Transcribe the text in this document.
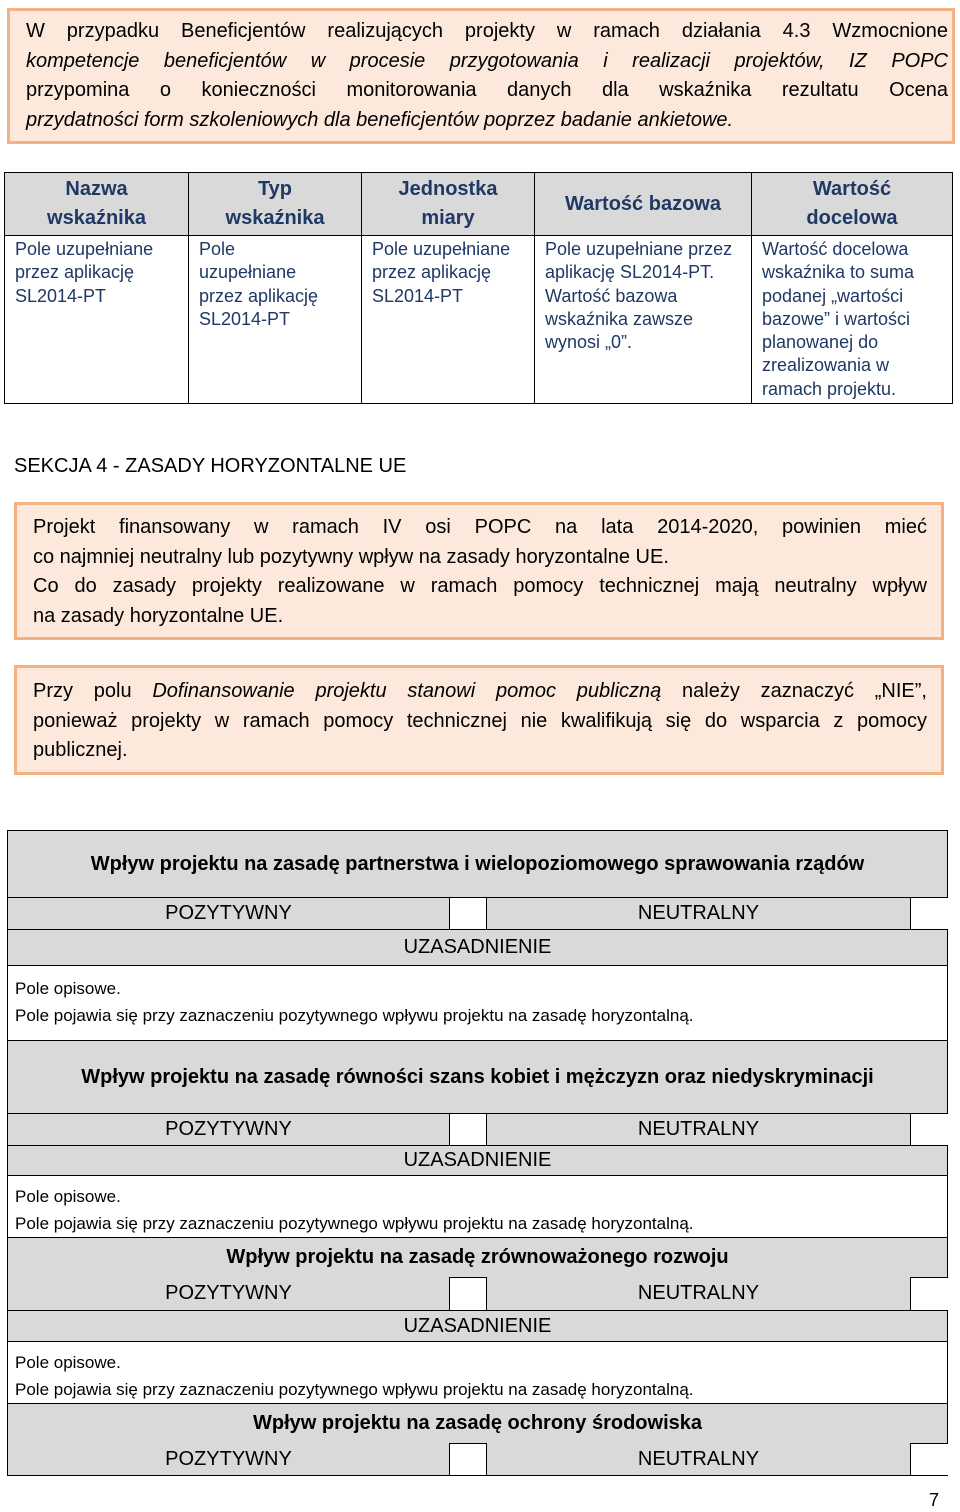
W przypadku Beneficjentów realizujących projekty w ramach działania 4.3 Wzmocnione

kompetencje beneficjentów w procesie przygotowania i realizacji projektów, IZ POPC

przypomina o konieczności monitorowania danych dla wskaźnika rezultatu Ocena

przydatności form szkoleniowych dla beneficjentów poprzez badanie ankietowe.

Nazwa wskaźnika	Typ wskaźnika	Jednostka miary	Wartość bazowa	Wartość docelowa
Pole uzupełniane przez aplikację SL2014-PT	Pole uzupełniane przez aplikację SL2014-PT	Pole uzupełniane przez aplikację SL2014-PT	Pole uzupełniane przez aplikację SL2014-PT. Wartość bazowa wskaźnika zawsze wynosi „0”.	Wartość docelowa wskaźnika to suma podanej „wartości bazowe” i wartości planowanej do zrealizowania w ramach projektu.
SEKCJA 4 - ZASADY HORYZONTALNE UE

Projekt finansowany w ramach IV osi POPC na lata 2014-2020, powinien mieć

co najmniej neutralny lub pozytywny wpływ na zasady horyzontalne UE.

Co do zasady projekty realizowane w ramach pomocy technicznej mają neutralny wpływ

na zasady horyzontalne UE.

Przy polu Dofinansowanie projektu stanowi pomoc publiczną należy zaznaczyć „NIE”,

ponieważ projekty w ramach pomocy technicznej nie kwalifikują się do wsparcia z pomocy

publicznej.

Wpływ projektu na zasadę partnerstwa i wielopoziomowego sprawowania rządów
POZYTYWNY	NEUTRALNY
UZASADNIENIE

Pole opisowe.

Pole pojawia się przy zaznaczeniu pozytywnego wpływu projektu na zasadę horyzontalną.

Wpływ projektu na zasadę równości szans kobiet i mężczyzn oraz niedyskryminacji
POZYTYWNY	NEUTRALNY
UZASADNIENIE

Pole opisowe.

Pole pojawia się przy zaznaczeniu pozytywnego wpływu projektu na zasadę horyzontalną.

Wpływ projektu na zasadę zrównoważonego rozwoju
POZYTYWNY	NEUTRALNY
UZASADNIENIE

Pole opisowe.

Pole pojawia się przy zaznaczeniu pozytywnego wpływu projektu na zasadę horyzontalną.

Wpływ projektu na zasadę ochrony środowiska
POZYTYWNY	NEUTRALNY
7
